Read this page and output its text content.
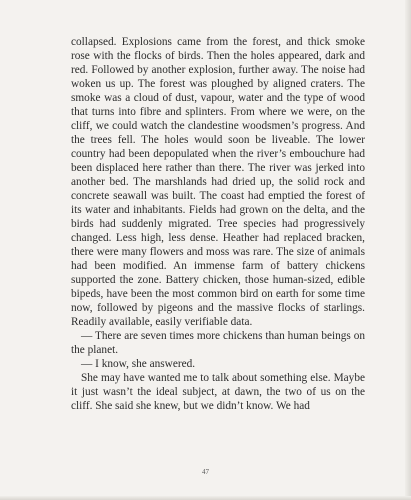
collapsed. Explosions came from the forest, and thick smoke rose with the flocks of birds. Then the holes appeared, dark and red. Followed by another explosion, further away. The noise had woken us up. The forest was ploughed by aligned craters. The smoke was a cloud of dust, vapour, water and the type of wood that turns into fibre and splinters. From where we were, on the cliff, we could watch the clandestine woodsmen’s progress. And the trees fell. The holes would soon be liveable. The lower country had been depopulated when the river’s embouchure had been displaced here rather than there. The river was jerked into another bed. The marshlands had dried up, the solid rock and concrete seawall was built. The coast had emptied the forest of its water and inhabitants. Fields had grown on the delta, and the birds had suddenly migrated. Tree species had progressively changed. Less high, less dense. Heather had replaced bracken, there were many flowers and moss was rare. The size of animals had been modified. An immense farm of battery chickens supported the zone. Battery chicken, those human-sized, edible bipeds, have been the most common bird on earth for some time now, followed by pigeons and the massive flocks of starlings. Readily available, easily verifiable data.

— There are seven times more chickens than human beings on the planet.

— I know, she answered.

She may have wanted me to talk about something else. Maybe it just wasn’t the ideal subject, at dawn, the two of us on the cliff. She said she knew, but we didn’t know. We had

47
